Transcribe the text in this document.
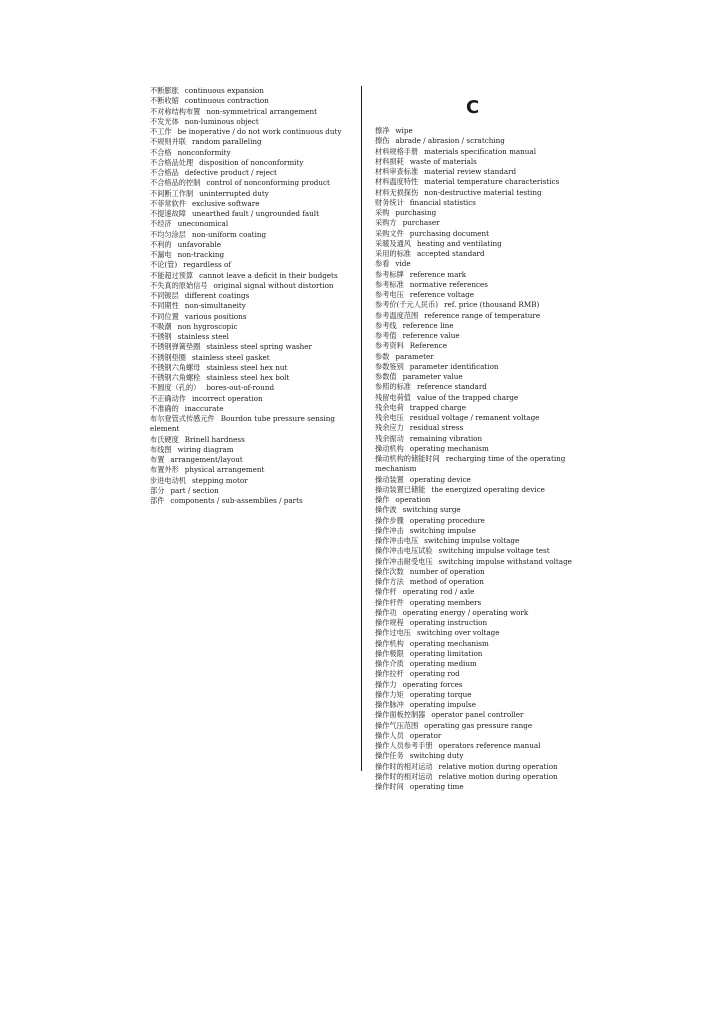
不断膨胀 continuous expansion
不断收缩 continuous contraction
不对称结构布置 non-symmetrical arrangement
不发光体 non-luminous object
不工作 be inoperative / do not work continuous duty
不规则并联 random paralleling
不合格 nonconformity
不合格品处理 disposition of nonconformity
不合格品 defective product / reject
不合格品的控制 control of nonconforming product
不间断工作制 uninterrupted duty
不菲常软件 exclusive software
不提速故障 unearthed fault / ungrounded fault
不经济 uneconomical
不均匀涂层 non-uniform coating
不利的 unfavorable
不漏电 non-tracking
不论(管) regardless of
不能超过预算 cannot leave a deficit in their budgets
不失真的原始信号 original signal without distortion
不同镀层 different coatings
不同期性 non-simultaneity
不同位置 various positions
不吸潮 non hygroscopic
不锈钢 stainless steel
不锈钢弹簧垫圈 stainless steel spring washer
不锈钢垫圈 stainless steel gasket
不锈钢六角螺母 stainless steel hex nut
不锈钢六角螺栓 stainless steel hex bolt
不圆度（孔的） bores-out-of-round
不正确动作 incorrect operation
不准确的 inaccurate
布尔登管式传感元件 Bourdon tube pressure sensing element
布氏硬度 Brinell hardness
布线图 wiring diagram
布置 arrangement/layout
布置外形 physical arrangement
步进电动机 stepping motor
部分 part / section
部件 components / sub-assemblies / parts
C
擦净 wipe
擦伤 abrade / abrasion / scratching
材料规格手册 materials specification manual
材料损耗 waste of materials
材料审查标准 material review standard
材料温度特性 material temperature characteristics
材料无损探伤 non-destructive material testing
财务统计 financial statistics
采购 purchasing
采购方 purchaser
采购文件 purchasing document
采暖及通风 heating and ventilating
采用的标准 accepted standard
参看 vide
参考标牌 reference mark
参考标准 normative references
参考电压 reference voltage
参考价(千元人民币) ref. price (thousand RMB)
参考温度范围 reference range of temperature
参考线 reference line
参考值 reference value
参考资料 Reference
参数 parameter
参数鉴别 parameter identification
参数值 parameter value
参照的标准 reference standard
残留电荷值 value of the trapped charge
残余电荷 trapped charge
残余电压 residual voltage / remanent voltage
残余应力 residual stress
残余振动 remaining vibration
操动机构 operating mechanism
操动机构的储能时间 recharging time of the operating mechanism
操动装置 operating device
操动装置已储能 the energized operating device
操作 operation
操作波 switching surge
操作步骤 operating procedure
操作冲击 switching impulse
操作冲击电压 switching impulse voltage
操作冲击电压试验 switching impulse voltage test
操作冲击耐受电压 switching impulse withstand voltage
操作次数 number of operation
操作方法 method of operation
操作杆 operating rod / axle
操作杆件 operating members
操作功 operating energy / operating work
操作规程 operating instruction
操作过电压 switching over voltage
操作机构 operating mechanism
操作极限 operating limitation
操作介质 operating medium
操作拉杆 operating rod
操作力 operating forces
操作力矩 operating torque
操作脉冲 operating impulse
操作面板控制器 operator panel controller
操作气压范围 operating gas pressure range
操作人员 operator
操作人员参考手册 operators reference manual
操作任务 switching duty
操作时的相对运动 relative motion during operation
操作时的相对运动 relative motion during operation
操作时间 operating time
